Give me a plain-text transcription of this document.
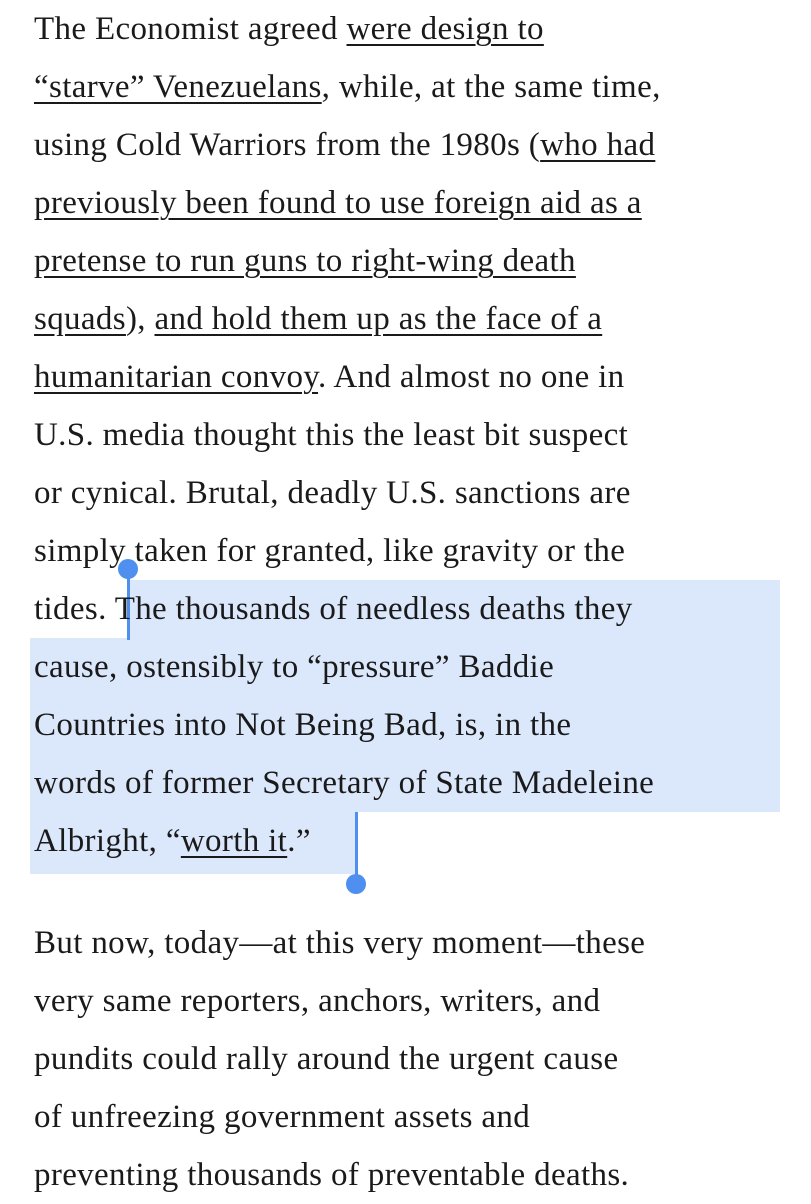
The Economist agreed were design to
“starve” Venezuelans, while, at the same time,
using Cold Warriors from the 1980s (who had
previously been found to use foreign aid as a
pretense to run guns to right-wing death
squads), and hold them up as the face of a
humanitarian convoy. And almost no one in
U.S. media thought this the least bit suspect
or cynical. Brutal, deadly U.S. sanctions are
simply taken for granted, like gravity or the
tides. The thousands of needless deaths they
cause, ostensibly to “pressure” Baddie
Countries into Not Being Bad, is, in the
words of former Secretary of State Madeleine
Albright, “worth it.”
But now, today—at this very moment—these
very same reporters, anchors, writers, and
pundits could rally around the urgent cause
of unfreezing government assets and
preventing thousands of preventable deaths.
